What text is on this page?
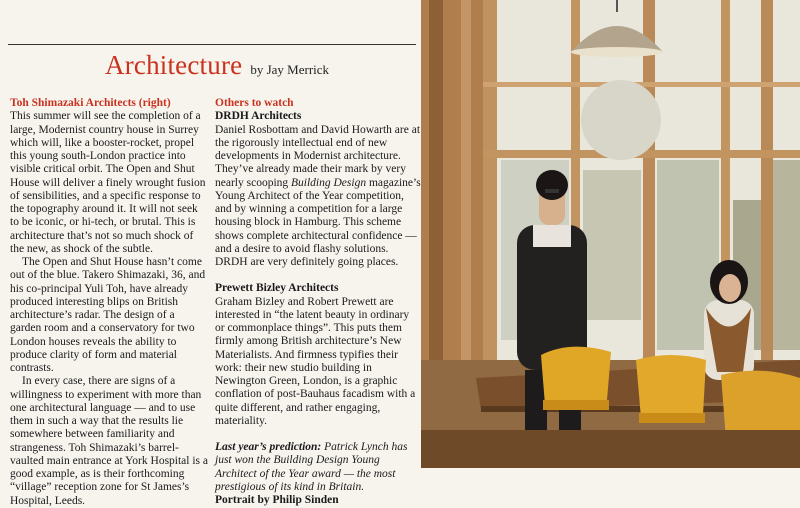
Architecture by Jay Merrick

Toh Shimazaki Architects (right)

This summer will see the completion of a large, Modernist country house in Surrey which will, like a booster-rocket, propel this young south-London practice into visible critical orbit. The Open and Shut House will deliver a finely wrought fusion of sensibilities, and a specific response to the topography around it. It will not seek to be iconic, or hi-tech, or brutal. This is architecture that’s not so much shock of the new, as shock of the subtle.

The Open and Shut House hasn’t come out of the blue. Takero Shimazaki, 36, and his co-principal Yuli Toh, have already produced interesting blips on British architecture’s radar. The design of a garden room and a conservatory for two London houses reveals the ability to produce clarity of form and material contrasts.

In every case, there are signs of a willingness to experiment with more than one architectural language — and to use them in such a way that the results lie somewhere between familiarity and strangeness. Toh Shimazaki’s barrel-vaulted main entrance at York Hospital is a good example, as is their forthcoming “village” reception zone for St James’s Hospital, Leeds.

Others to watch

DRDH Architects

Daniel Rosbottam and David Howarth are at the rigorously intellectual end of new developments in Modernist architecture. They’ve already made their mark by very nearly scooping Building Design magazine’s Young Architect of the Year competition, and by winning a competition for a large housing block in Hamburg. This scheme shows complete architectural confidence — and a desire to avoid flashy solutions. DRDH are very definitely going places.

Prewett Bizley Architects

Graham Bizley and Robert Prewett are interested in “the latent beauty in ordinary or commonplace things”. This puts them firmly among British architecture’s New Materialists. And firmness typifies their work: their new studio building in Newington Green, London, is a graphic conflation of post-Bauhaus facadism with a quite different, and rather engaging, materiality.

Last year’s prediction: Patrick Lynch has just won the Building Design Young Architect of the Year award — the most prestigious of its kind in Britain.

Portrait by Philip Sinden
